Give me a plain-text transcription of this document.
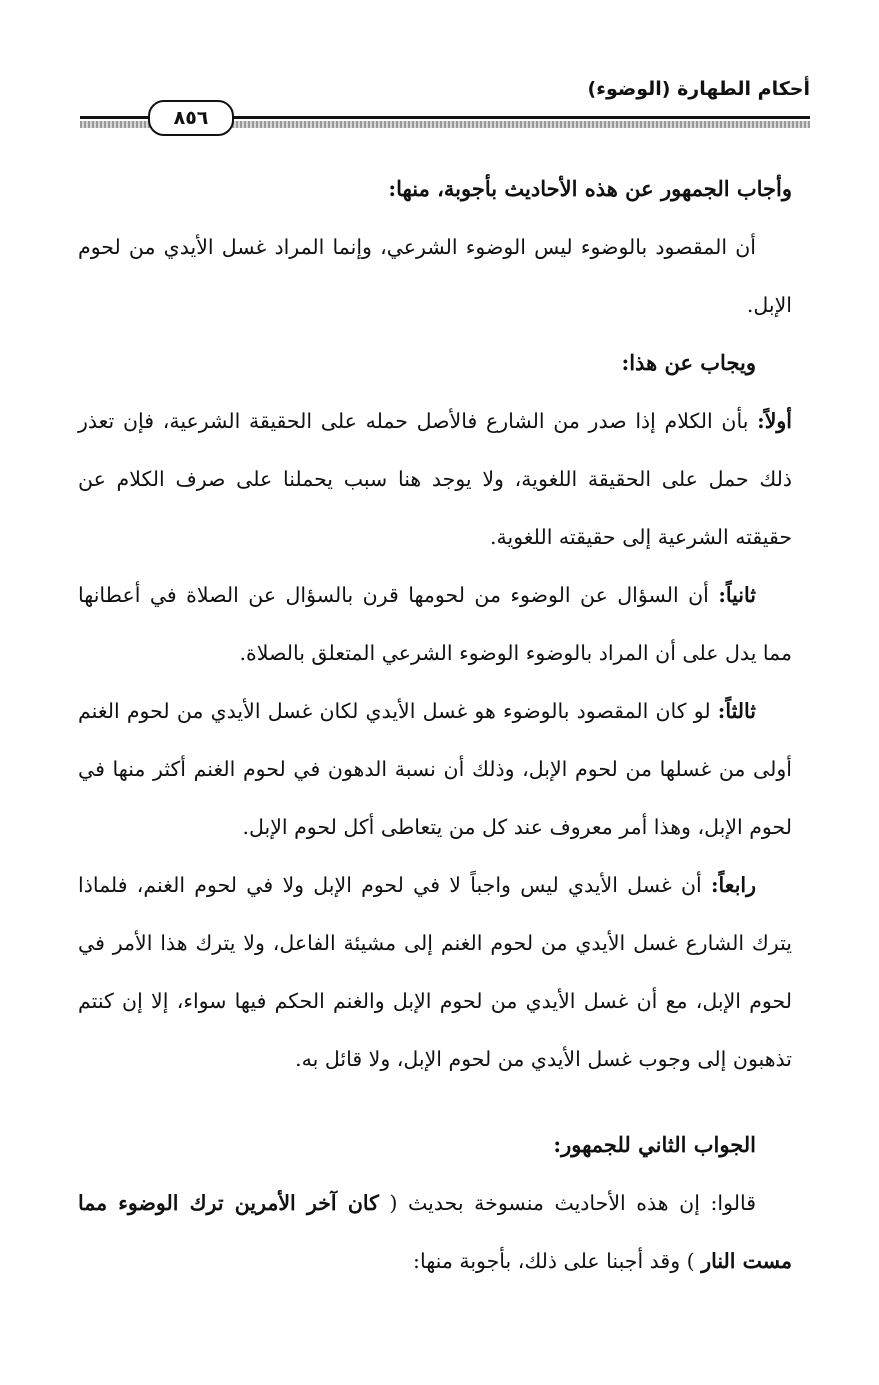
أحكام الطهارة (الوضوء)
٨٥٦

وأجاب الجمهور عن هذه الأحاديث بأجوبة، منها:

أن المقصود بالوضوء ليس الوضوء الشرعي، وإنما المراد غسل الأيدي من لحوم الإبل.

ويجاب عن هذا:

أولاً: بأن الكلام إذا صدر من الشارع فالأصل حمله على الحقيقة الشرعية، فإن تعذر ذلك حمل على الحقيقة اللغوية، ولا يوجد هنا سبب يحملنا على صرف الكلام عن حقيقته الشرعية إلى حقيقته اللغوية.

ثانياً: أن السؤال عن الوضوء من لحومها قرن بالسؤال عن الصلاة في أعطانها مما يدل على أن المراد بالوضوء الوضوء الشرعي المتعلق بالصلاة.

ثالثاً: لو كان المقصود بالوضوء هو غسل الأيدي لكان غسل الأيدي من لحوم الغنم أولى من غسلها من لحوم الإبل، وذلك أن نسبة الدهون في لحوم الغنم أكثر منها في لحوم الإبل، وهذا أمر معروف عند كل من يتعاطى أكل لحوم الإبل.

رابعاً: أن غسل الأيدي ليس واجباً لا في لحوم الإبل ولا في لحوم الغنم، فلماذا يترك الشارع غسل الأيدي من لحوم الغنم إلى مشيئة الفاعل، ولا يترك هذا الأمر في لحوم الإبل، مع أن غسل الأيدي من لحوم الإبل والغنم الحكم فيها سواء، إلا إن كنتم تذهبون إلى وجوب غسل الأيدي من لحوم الإبل، ولا قائل به.

الجواب الثاني للجمهور:

قالوا: إن هذه الأحاديث منسوخة بحديث ( كان آخر الأمرين ترك الوضوء مما مست النار ) وقد أجبنا على ذلك، بأجوبة منها:
